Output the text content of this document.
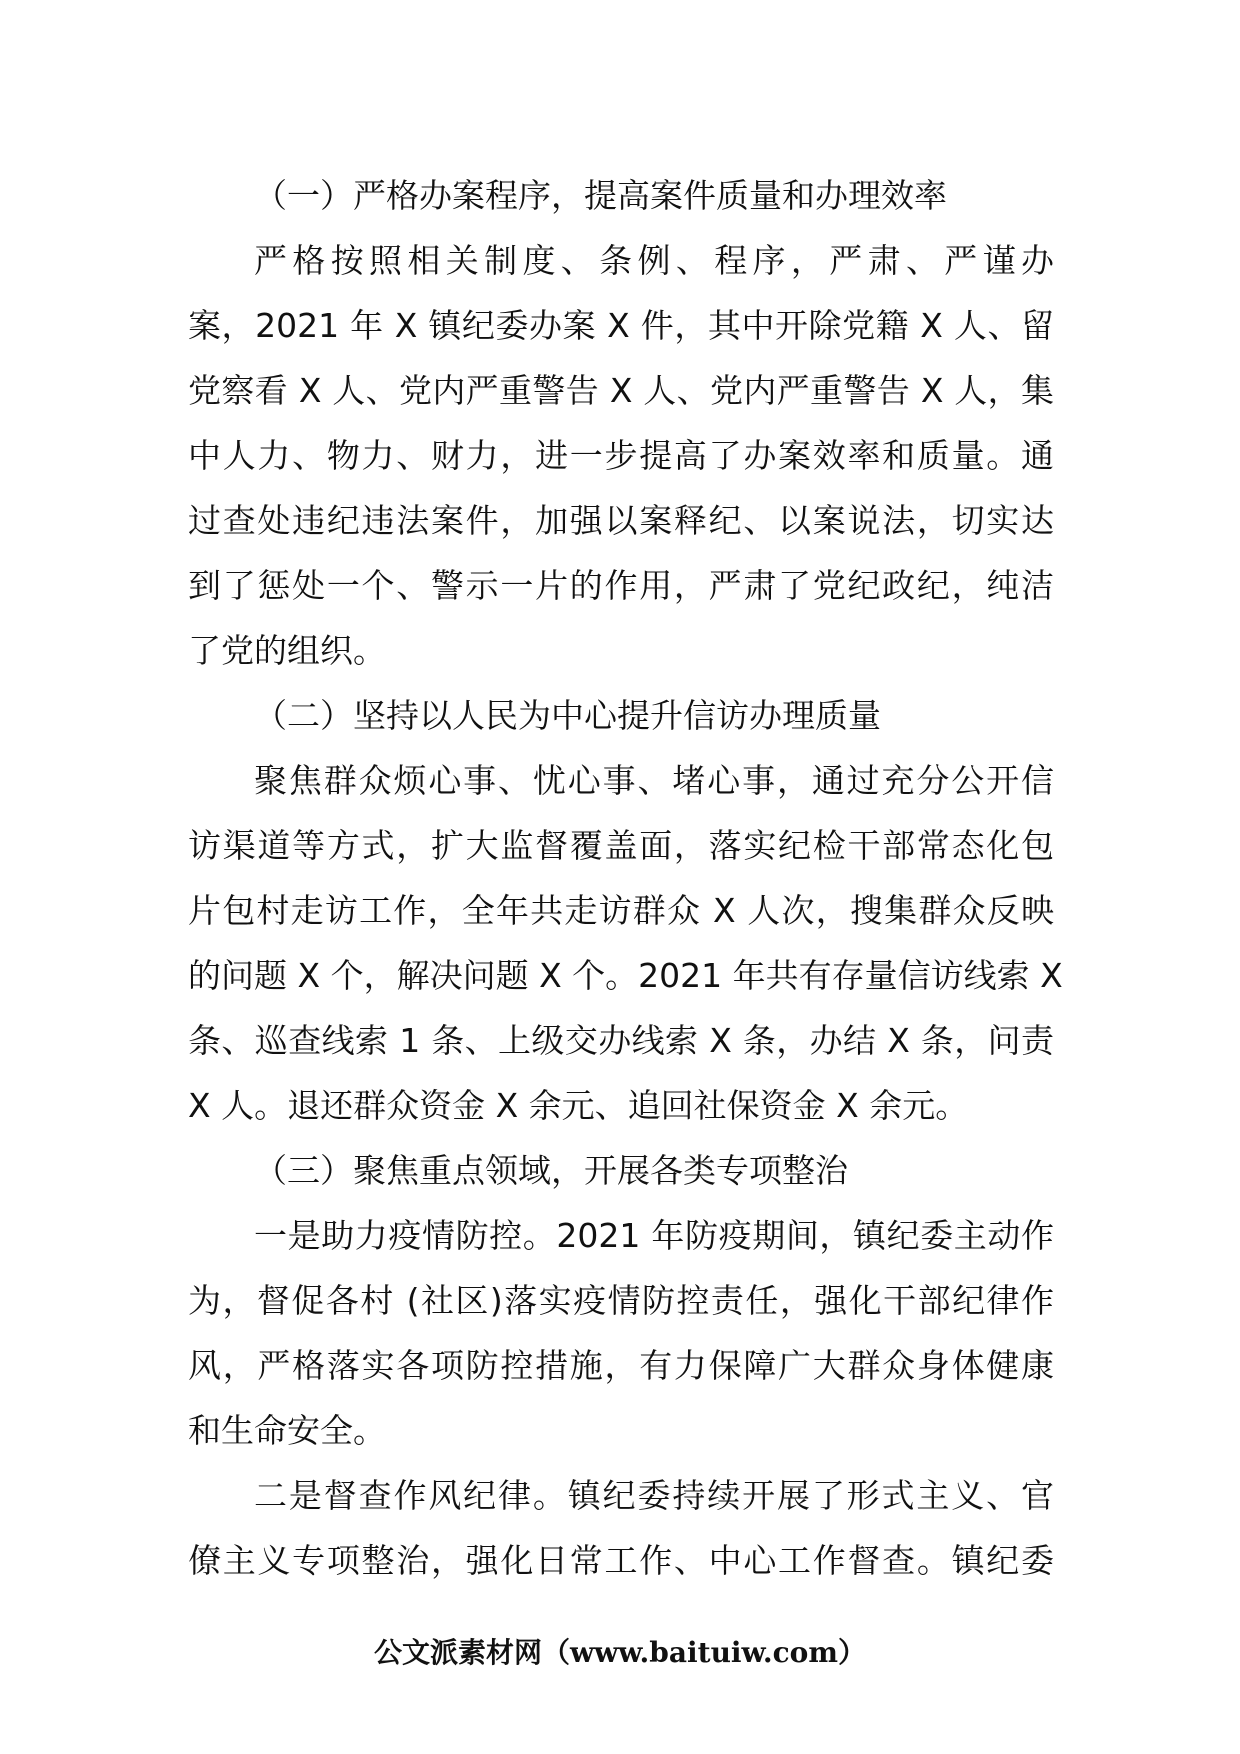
（一）严格办案程序，提高案件质量和办理效率
严格按照相关制度、条例、程序，严肃、严谨办
案，2021 年 X 镇纪委办案 X 件，其中开除党籍 X 人、留
党察看 X 人、党内严重警告 X 人、党内严重警告 X 人，集
中人力、物力、财力，进一步提高了办案效率和质量。通
过查处违纪违法案件，加强以案释纪、以案说法，切实达
到了惩处一个、警示一片的作用，严肃了党纪政纪，纯洁
了党的组织。
（二）坚持以人民为中心提升信访办理质量
聚焦群众烦心事、忧心事、堵心事，通过充分公开信
访渠道等方式，扩大监督覆盖面，落实纪检干部常态化包
片包村走访工作，全年共走访群众 X 人次，搜集群众反映
的问题 X 个，解决问题 X 个。2021 年共有存量信访线索 X
条、巡查线索 1 条、上级交办线索 X 条，办结 X 条，问责
X 人。退还群众资金 X 余元、追回社保资金 X 余元。
（三）聚焦重点领域，开展各类专项整治
一是助力疫情防控。2021 年防疫期间，镇纪委主动作
为，督促各村 (社区)落实疫情防控责任，强化干部纪律作
风，严格落实各项防控措施，有力保障广大群众身体健康
和生命安全。
二是督查作风纪律。镇纪委持续开展了形式主义、官
僚主义专项整治，强化日常工作、中心工作督查。镇纪委
公文派素材网（www.baituiw.com）
